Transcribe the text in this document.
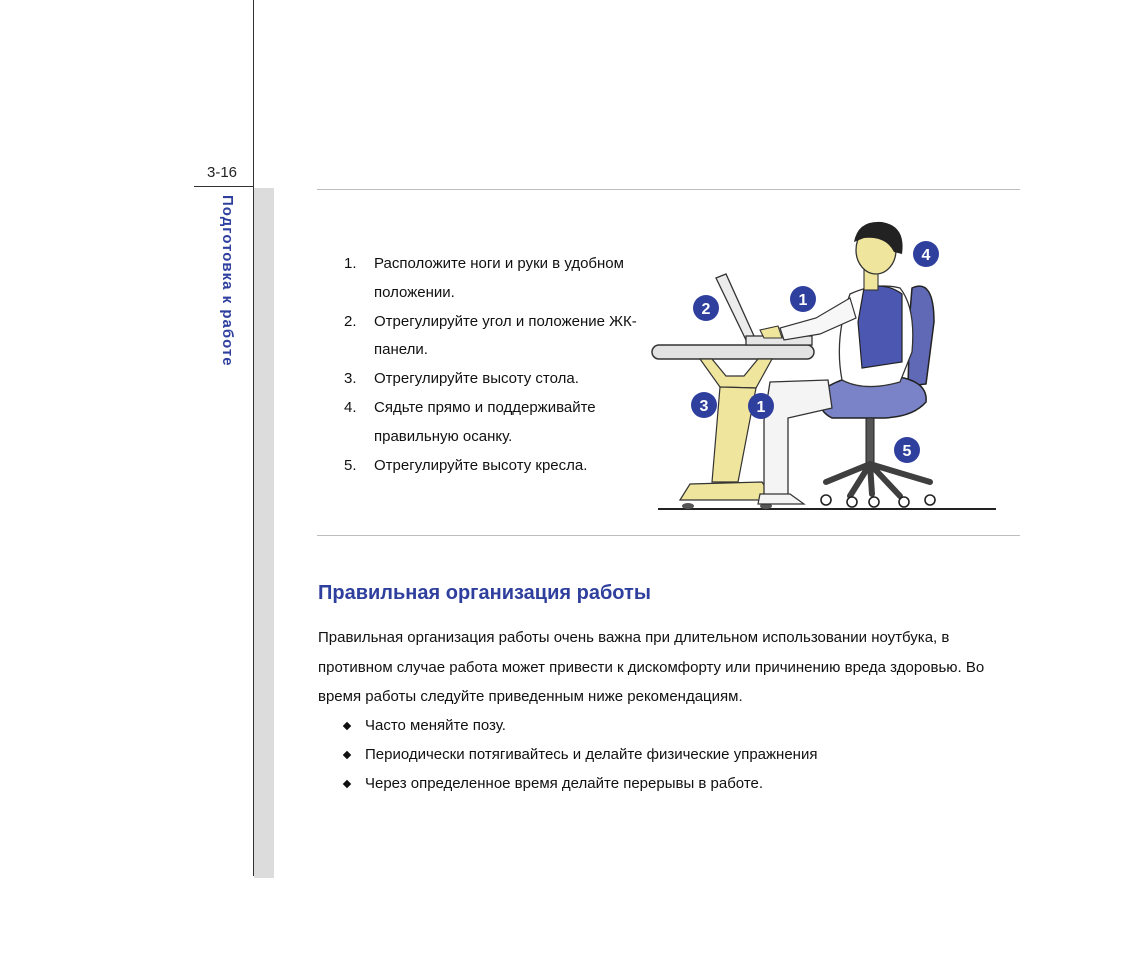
3-16
Подготовка к работе	1. Расположите ноги и руки в удобном положении.
2. Отрегулируйте угол и положение ЖК-панели.
3. Отрегулируйте высоту стола.
4. Сядьте прямо и поддерживайте правильную осанку.
5. Отрегулируйте высоту кресла.
4
2
1
3	1
5
Правильная организация работы

Правильная организация работы очень важна при длительном использовании ноутбука, в противном случае работа может привести к дискомфорту или причинению вреда здоровью. Во время работы следуйте приведенным ниже рекомендациям.

Часто меняйте позу.
Периодически потягивайтесь и делайте физические упражнения
Через определенное время делайте перерывы в работе.
